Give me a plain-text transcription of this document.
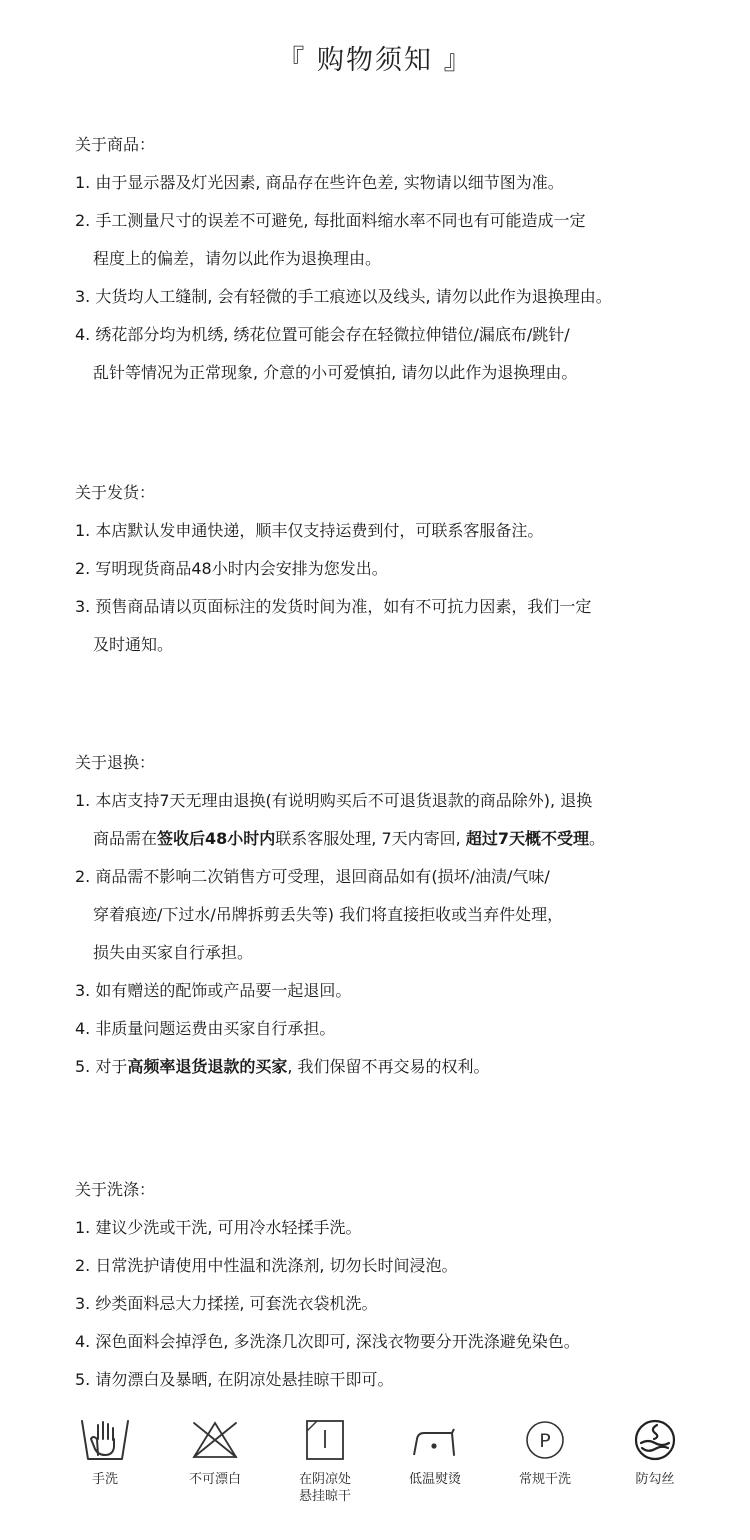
『 购物须知 』
关于商品：
1. 由于显示器及灯光因素, 商品存在些许色差, 实物请以细节图为准。
2. 手工测量尺寸的误差不可避免, 每批面料缩水率不同也有可能造成一定
程度上的偏差，请勿以此作为退换理由。
3. 大货均人工缝制, 会有轻微的手工痕迹以及线头, 请勿以此作为退换理由。
4. 绣花部分均为机绣, 绣花位置可能会存在轻微拉伸错位/漏底布/跳针/
乱针等情况为正常现象, 介意的小可爱慎拍, 请勿以此作为退换理由。
关于发货：
1. 本店默认发申通快递，顺丰仅支持运费到付，可联系客服备注。
2. 写明现货商品48小时内会安排为您发出。
3. 预售商品请以页面标注的发货时间为准，如有不可抗力因素，我们一定
及时通知。
关于退换：
1. 本店支持7天无理由退换(有说明购买后不可退货退款的商品除外), 退换
商品需在签收后48小时内联系客服处理, 7天内寄回, 超过7天概不受理。
2. 商品需不影响二次销售方可受理，退回商品如有(损坏/油渍/气味/
穿着痕迹/下过水/吊牌拆剪丢失等) 我们将直接拒收或当弃件处理，
损失由买家自行承担。
3. 如有赠送的配饰或产品要一起退回。
4. 非质量问题运费由买家自行承担。
5. 对于高频率退货退款的买家, 我们保留不再交易的权利。
关于洗涤：
1. 建议少洗或干洗, 可用冷水轻揉手洗。
2. 日常洗护请使用中性温和洗涤剂, 切勿长时间浸泡。
3. 纱类面料忌大力揉搓, 可套洗衣袋机洗。
4. 深色面料会掉浮色, 多洗涤几次即可, 深浅衣物要分开洗涤避免染色。
5. 请勿漂白及暴晒, 在阴凉处悬挂晾干即可。
手洗	不可漂白	在阴凉处
悬挂晾干
低温熨烫
P
常规干洗	防勾丝
